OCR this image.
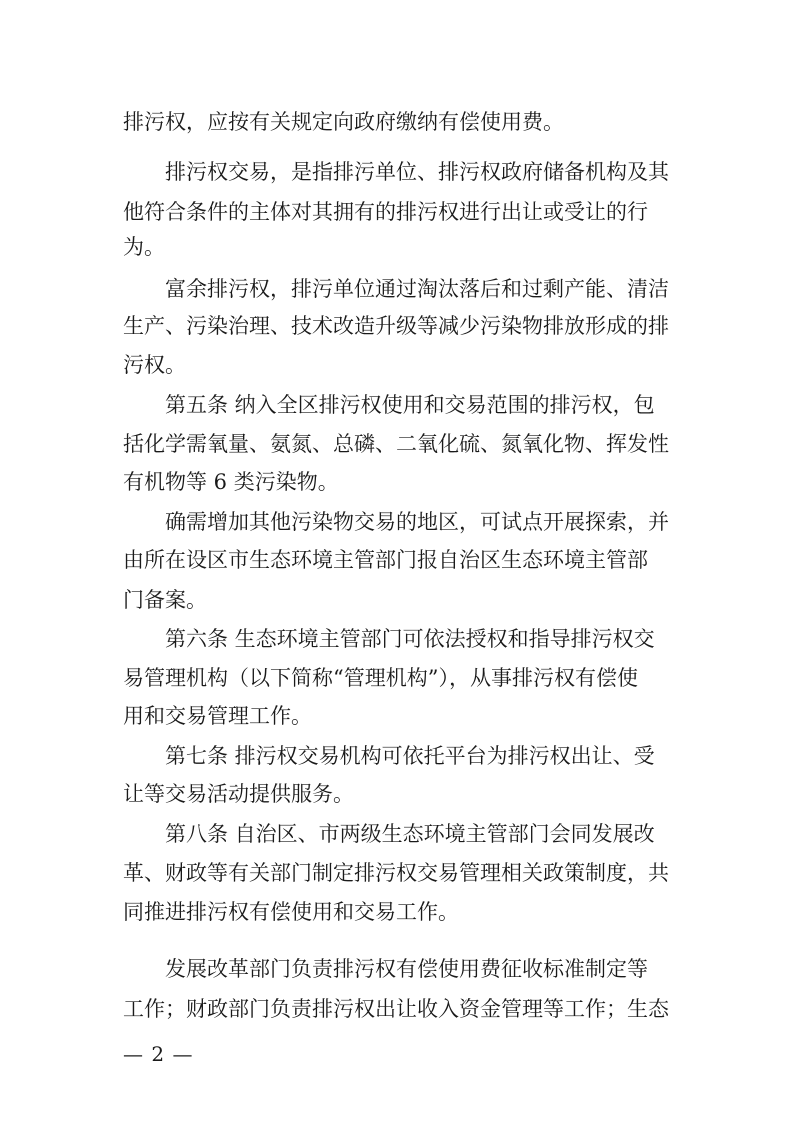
排污权，应按有关规定向政府缴纳有偿使用费。
排污权交易，是指排污单位、排污权政府储备机构及其
他符合条件的主体对其拥有的排污权进行出让或受让的行
为。
富余排污权，排污单位通过淘汰落后和过剩产能、清洁
生产、污染治理、技术改造升级等减少污染物排放形成的排
污权。
第五条 纳入全区排污权使用和交易范围的排污权，包
括化学需氧量、氨氮、总磷、二氧化硫、氮氧化物、挥发性
有机物等 6 类污染物。
确需增加其他污染物交易的地区，可试点开展探索，并
由所在设区市生态环境主管部门报自治区生态环境主管部
门备案。
第六条 生态环境主管部门可依法授权和指导排污权交
易管理机构（以下简称“管理机构”），从事排污权有偿使
用和交易管理工作。
第七条 排污权交易机构可依托平台为排污权出让、受
让等交易活动提供服务。
第八条 自治区、市两级生态环境主管部门会同发展改
革、财政等有关部门制定排污权交易管理相关政策制度，共
同推进排污权有偿使用和交易工作。
发展改革部门负责排污权有偿使用费征收标准制定等
工作；财政部门负责排污权出让收入资金管理等工作；生态
— 2 —
